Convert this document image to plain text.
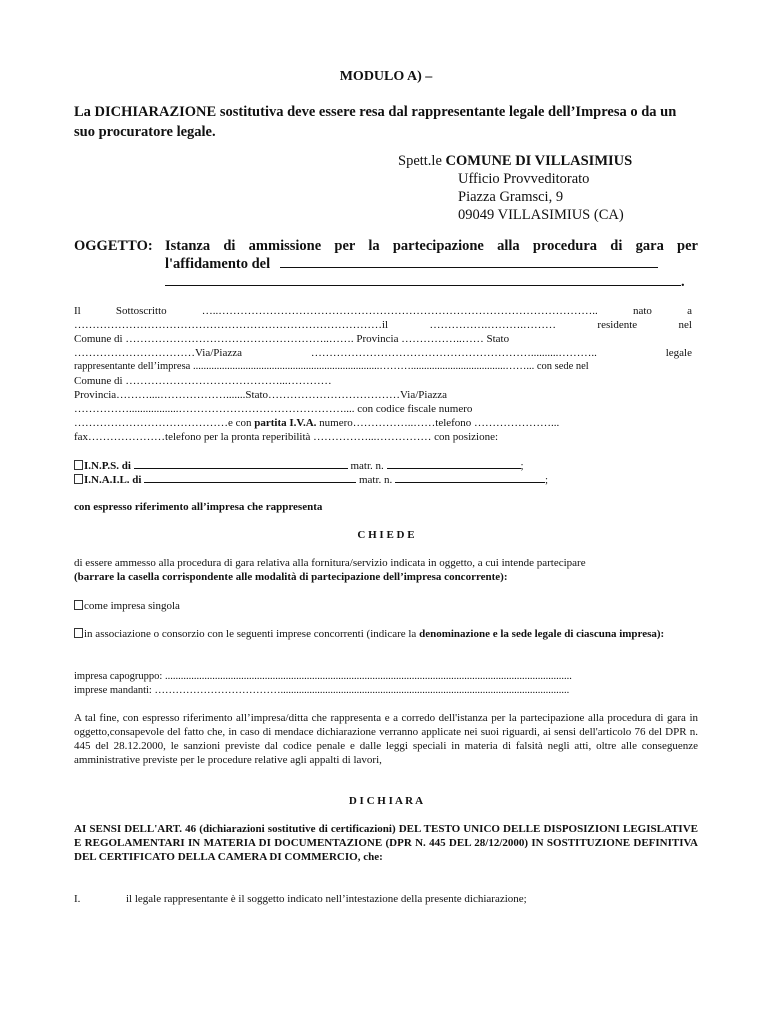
MODULO A) –
La DICHIARAZIONE sostitutiva deve essere resa dal rappresentante legale dell’Impresa o da un suo procuratore legale.
Spett.le COMUNE DI VILLASIMIUS
Ufficio Provveditorato
Piazza Gramsci, 9
09049 VILLASIMIUS (CA)
OGGETTO: Istanza di ammissione per la partecipazione alla procedura di gara per
l'affidamento del
.
Il Sottoscritto …..………………………………………………………………………………………….. nato a
…………………………………………………………………………il …………….……….……… residente nel
Comune di ………………………………………………..……. Provincia ……………..…… Stato
……………………………Via/Piazza ……………………………………………………..........……….. legale
rappresentante dell’impresa .......................................................................………....................................……... con sede nel
Comune di ……………………………………...…………
Provincia………....……………….......Stato………………………………Via/Piazza
……………..................……………………………………….... con codice fiscale numero
……………………………………e con partita I.V.A. numero……………..……telefono …………………...
fax…………………telefono per la pronta reperibilità ……………...…………… con posizione:
I.N.P.S. di	matr. n.	;
I.N.A.I.L. di	matr. n.	;
con espresso riferimento all’impresa che rappresenta
C H I E D E
di essere ammesso alla procedura di gara relativa alla fornitura/servizio indicata in oggetto, a cui intende partecipare
(barrare la casella corrispondente alle modalità di partecipazione dell’impresa concorrente):
come impresa singola
in associazione o consorzio con le seguenti imprese concorrenti (indicare la denominazione e la sede legale di ciascuna impresa):
impresa capogruppo: ...........................................................................................................................................................
imprese mandanti: ………………………………..............................................................................................................
A tal fine, con espresso riferimento all’impresa/ditta che rappresenta e a corredo dell'istanza per la partecipazione alla procedura di gara in oggetto,consapevole del fatto che, in caso di mendace dichiarazione verranno applicate nei suoi riguardi, ai sensi dell'articolo 76 del DPR n. 445 del 28.12.2000, le sanzioni previste dal codice penale e dalle leggi speciali in materia di falsità negli atti, oltre alle conseguenze amministrative previste per le procedure relative agli appalti di lavori,
D I C H I A R A
AI SENSI DELL'ART. 46 (dichiarazioni sostitutive di certificazioni) DEL TESTO UNICO DELLE DISPOSIZIONI LEGISLATIVE E REGOLAMENTARI IN MATERIA DI DOCUMENTAZIONE (DPR N. 445 DEL 28/12/2000) IN SOSTITUZIONE DEFINITIVA DEL CERTIFICATO DELLA CAMERA DI COMMERCIO, che:
I.	il legale rappresentante è il soggetto indicato nell’intestazione della presente dichiarazione;
